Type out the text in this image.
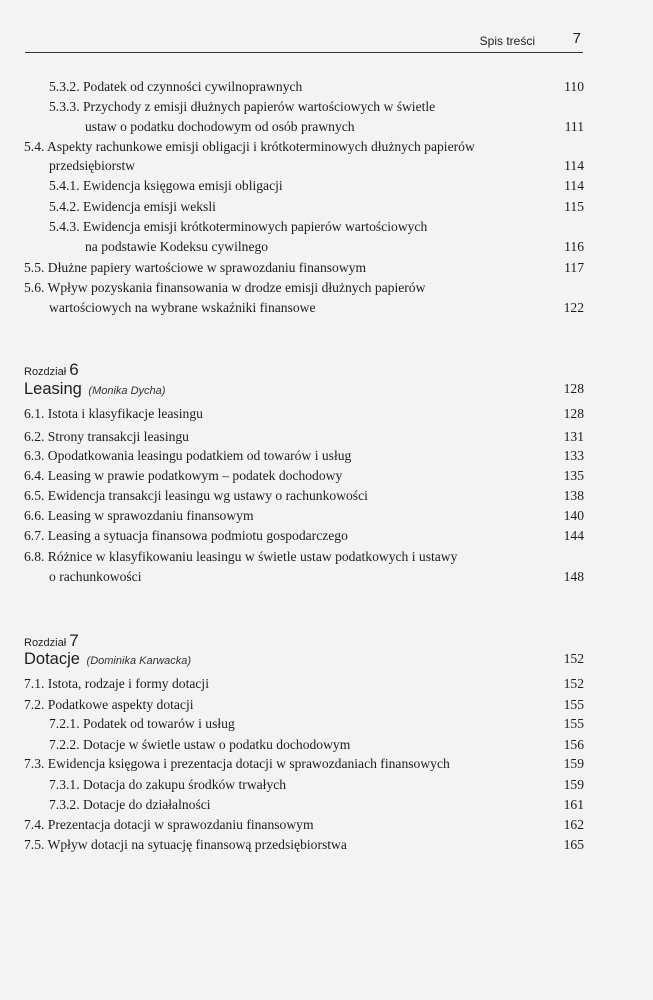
Spis treści	7
5.3.2. Podatek od czynności cywilnoprawnych	110
5.3.3. Przychody z emisji dłużnych papierów wartościowych w świetle
ustaw o podatku dochodowym od osób prawnych	111
5.4. Aspekty rachunkowe emisji obligacji i krótkoterminowych dłużnych papierów
przedsiębiorstw	114
5.4.1. Ewidencja księgowa emisji obligacji	114
5.4.2. Ewidencja emisji weksli	115
5.4.3. Ewidencja emisji krótkoterminowych papierów wartościowych
na podstawie Kodeksu cywilnego	116
5.5. Dłużne papiery wartościowe w sprawozdaniu finansowym	117
5.6. Wpływ pozyskania finansowania w drodze emisji dłużnych papierów
wartościowych na wybrane wskaźniki finansowe	122
Rozdział 6
Leasing (Monika Dycha)	128
6.1. Istota i klasyfikacje leasingu	128
6.2. Strony transakcji leasingu	131
6.3. Opodatkowania leasingu podatkiem od towarów i usług	133
6.4. Leasing w prawie podatkowym – podatek dochodowy	135
6.5. Ewidencja transakcji leasingu wg ustawy o rachunkowości	138
6.6. Leasing w sprawozdaniu finansowym	140
6.7. Leasing a sytuacja finansowa podmiotu gospodarczego	144
6.8. Różnice w klasyfikowaniu leasingu w świetle ustaw podatkowych i ustawy
o rachunkowości	148
Rozdział 7
Dotacje (Dominika Karwacka)	152
7.1. Istota, rodzaje i formy dotacji	152
7.2. Podatkowe aspekty dotacji	155
7.2.1. Podatek od towarów i usług	155
7.2.2. Dotacje w świetle ustaw o podatku dochodowym	156
7.3. Ewidencja księgowa i prezentacja dotacji w sprawozdaniach finansowych	159
7.3.1. Dotacja do zakupu środków trwałych	159
7.3.2. Dotacje do działalności	161
7.4. Prezentacja dotacji w sprawozdaniu finansowym	162
7.5. Wpływ dotacji na sytuację finansową przedsiębiorstwa	165
